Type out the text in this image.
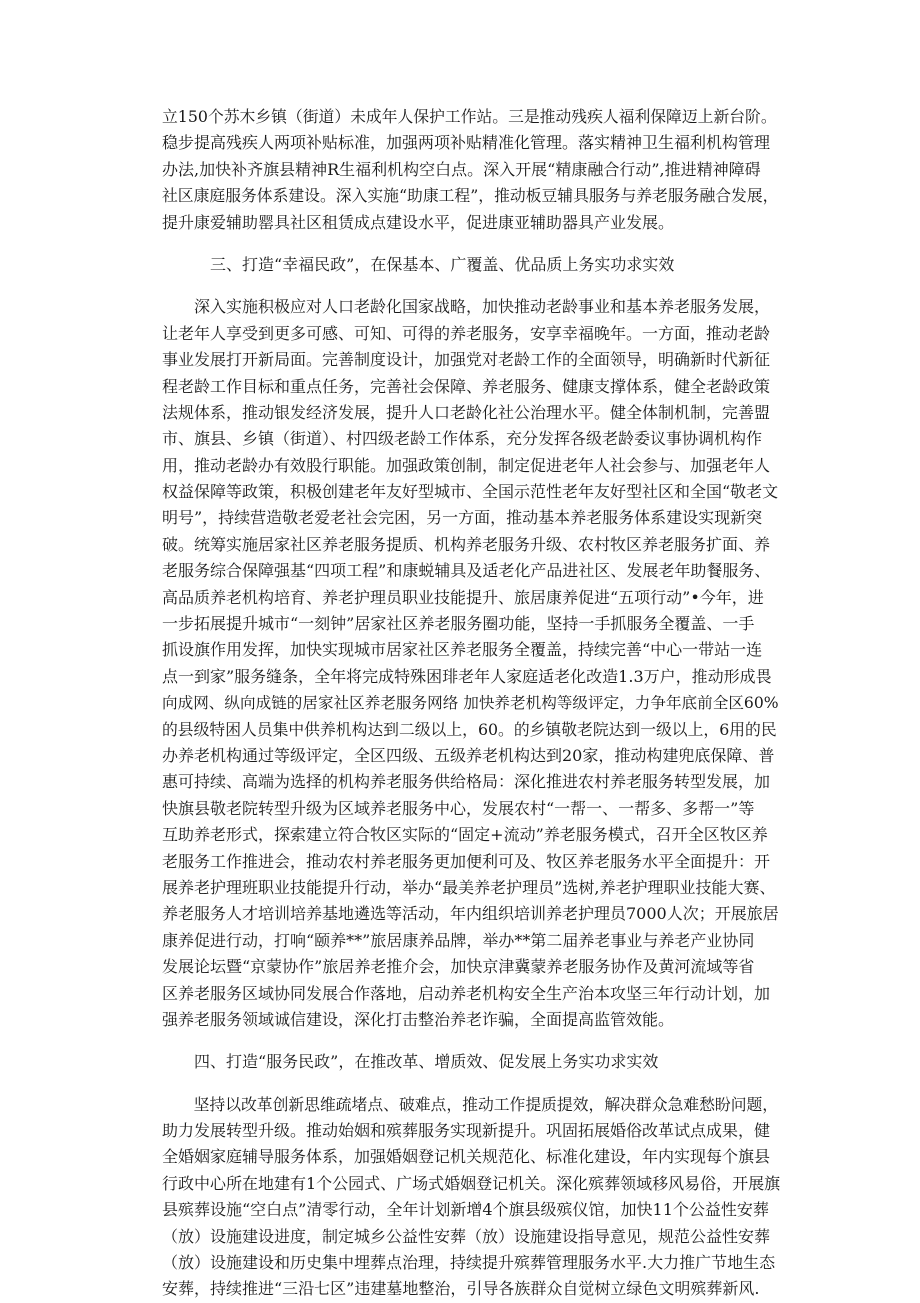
立150个苏木乡镇（街道）未成年人保护工作站。三是推动残疾人福利保障迈上新台阶。
稳步提高残疾人两项补贴标准，加强两项补贴精准化管理。落实精神卫生福利机构管理
办法,加快补齐旗县精神R生福利机构空白点。深入开展“精康融合行动”,推进精神障碍
社区康庭服务体系建设。深入实施“助康工程”，推动板豆辅具服务与养老服务融合发展，
提升康爱辅助罂具社区租赁成点建设水平，促进康亚辅助器具产业发展。
　　　三、打造“幸福民政”，在保基本、广覆盖、优品质上务实功求实效
　　深入实施积极应对人口老龄化国家战略，加快推动老龄事业和基本养老服务发展，
让老年人享受到更多可感、可知、可得的养老服务，安享幸福晚年。一方面，推动老龄
事业发展打开新局面。完善制度设计，加强党对老龄工作的全面领导，明确新时代新征
程老龄工作目标和重点任务，完善社会保障、养老服务、健康支撑体系，健全老龄政策
法规体系，推动银发经济发展，提升人口老龄化社公治理水平。健全体制机制，完善盟
市、旗县、乡镇（街道）、村四级老龄工作体系，充分发挥各级老龄委议事协调机构作
用，推动老龄办有效股行职能。加强政策创制，制定促进老年人社会参与、加强老年人
权益保障等政策，积极创建老年友好型城市、全国示范性老年友好型社区和全国“敬老文
明号”，持续营造敬老爱老社会完困，另一方面，推动基本养老服务体系建设实现新突
破。统筹实施居家社区养老服务提质、机构养老服务升级、农村牧区养老服务扩面、养
老服务综合保障强基“四项工程”和康蜕辅具及适老化产品进社区、发展老年助餐服务、
高品质养老机构培育、养老护理员职业技能提升、旅居康养促进“五项行动”•今年，进
一步拓展提升城市“一刻钟”居家社区养老服务圈功能，坚持一手抓服务全覆盖、一手
抓设旗作用发挥，加快实现城市居家社区养老服务全覆盖，持续完善“中心一带站一连
点一到家”服务缝条，全年将完成特殊困琲老年人家庭适老化改造1.3万户，推动形成畏
向成网、纵向成链的居家社区养老服务网络 加快养老机构等级评定，力争年底前全区60%
的县级特困人员集中供养机构达到二级以上，60。的乡镇敬老院达到一级以上，6用的民
办养老机构通过等级评定，全区四级、五级养老机构达到20家，推动构建兜底保障、普
惠可持续、高端为选择的机构养老服务供给格局：深化推进农村养老服务转型发展，加
快旗县敬老院转型升级为区域养老服务中心，发展农村“一帮一、一帮多、多帮一”等
互助养老形式，探索建立符合牧区实际的“固定+流动”养老服务模式，召开全区牧区养
老服务工作推进会，推动农村养老服务更加便利可及、牧区养老服务水平全面提升：开
展养老护理班职业技能提升行动，举办“最美养老护理员”选树,养老护理职业技能大赛、
养老服务人才培训培养基地遴选等活动，年内组织培训养老护理员7000人次；开展旅居
康养促进行动，打响“颐养**”旅居康养品牌，举办**第二届养老事业与养老产业协同
发展论坛暨“京蒙协作”旅居养老推介会，加快京津冀蒙养老服务协作及黄河流域等省
区养老服务区域协同发展合作落地，启动养老机构安全生产治本攻坚三年行动计划，加
强养老服务领域诚信建设，深化打击整治养老诈骗，全面提高监管效能。
　　四、打造“服务民政”，在推改革、增质效、促发展上务实功求实效
　　坚持以改革创新思维疏堵点、破难点，推动工作提质提效，解决群众急难愁盼问题，
助力发展转型升级。推动始姻和殡葬服务实现新提升。巩固拓展婚俗改革试点成果，健
全婚姻家庭辅导服务体系，加强婚姻登记机关规范化、标准化建设，年内实现每个旗县
行政中心所在地建有1个公园式、广场式婚姻登记机关。深化殡葬领域移风易俗，开展旗
县殡葬设施“空白点”清零行动，全年计划新增4个旗县级殡仪馆，加快11个公益性安葬
（放）设施建设进度，制定城乡公益性安葬（放）设施建设指导意见，规范公益性安葬
（放）设施建设和历史集中埋葬点治理，持续提升殡葬管理服务水平.大力推广节地生态
安葬，持续推进“三沿七区”违建墓地整治，引导各族群众自觉树立绿色文明殡葬新风.
